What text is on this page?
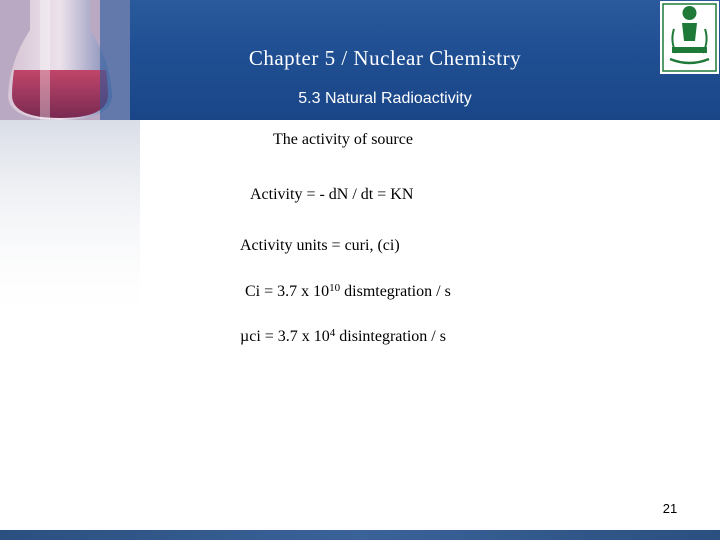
Chapter 5 / Nuclear Chemistry
5.3 Natural Radioactivity
The activity of source
Activity = - dN / dt = KN
Activity units = curi, (ci)
Ci = 3.7 x $10^{10}$ dismtegration / s
µci = 3.7 x $10^4$ disintegration / s
21
